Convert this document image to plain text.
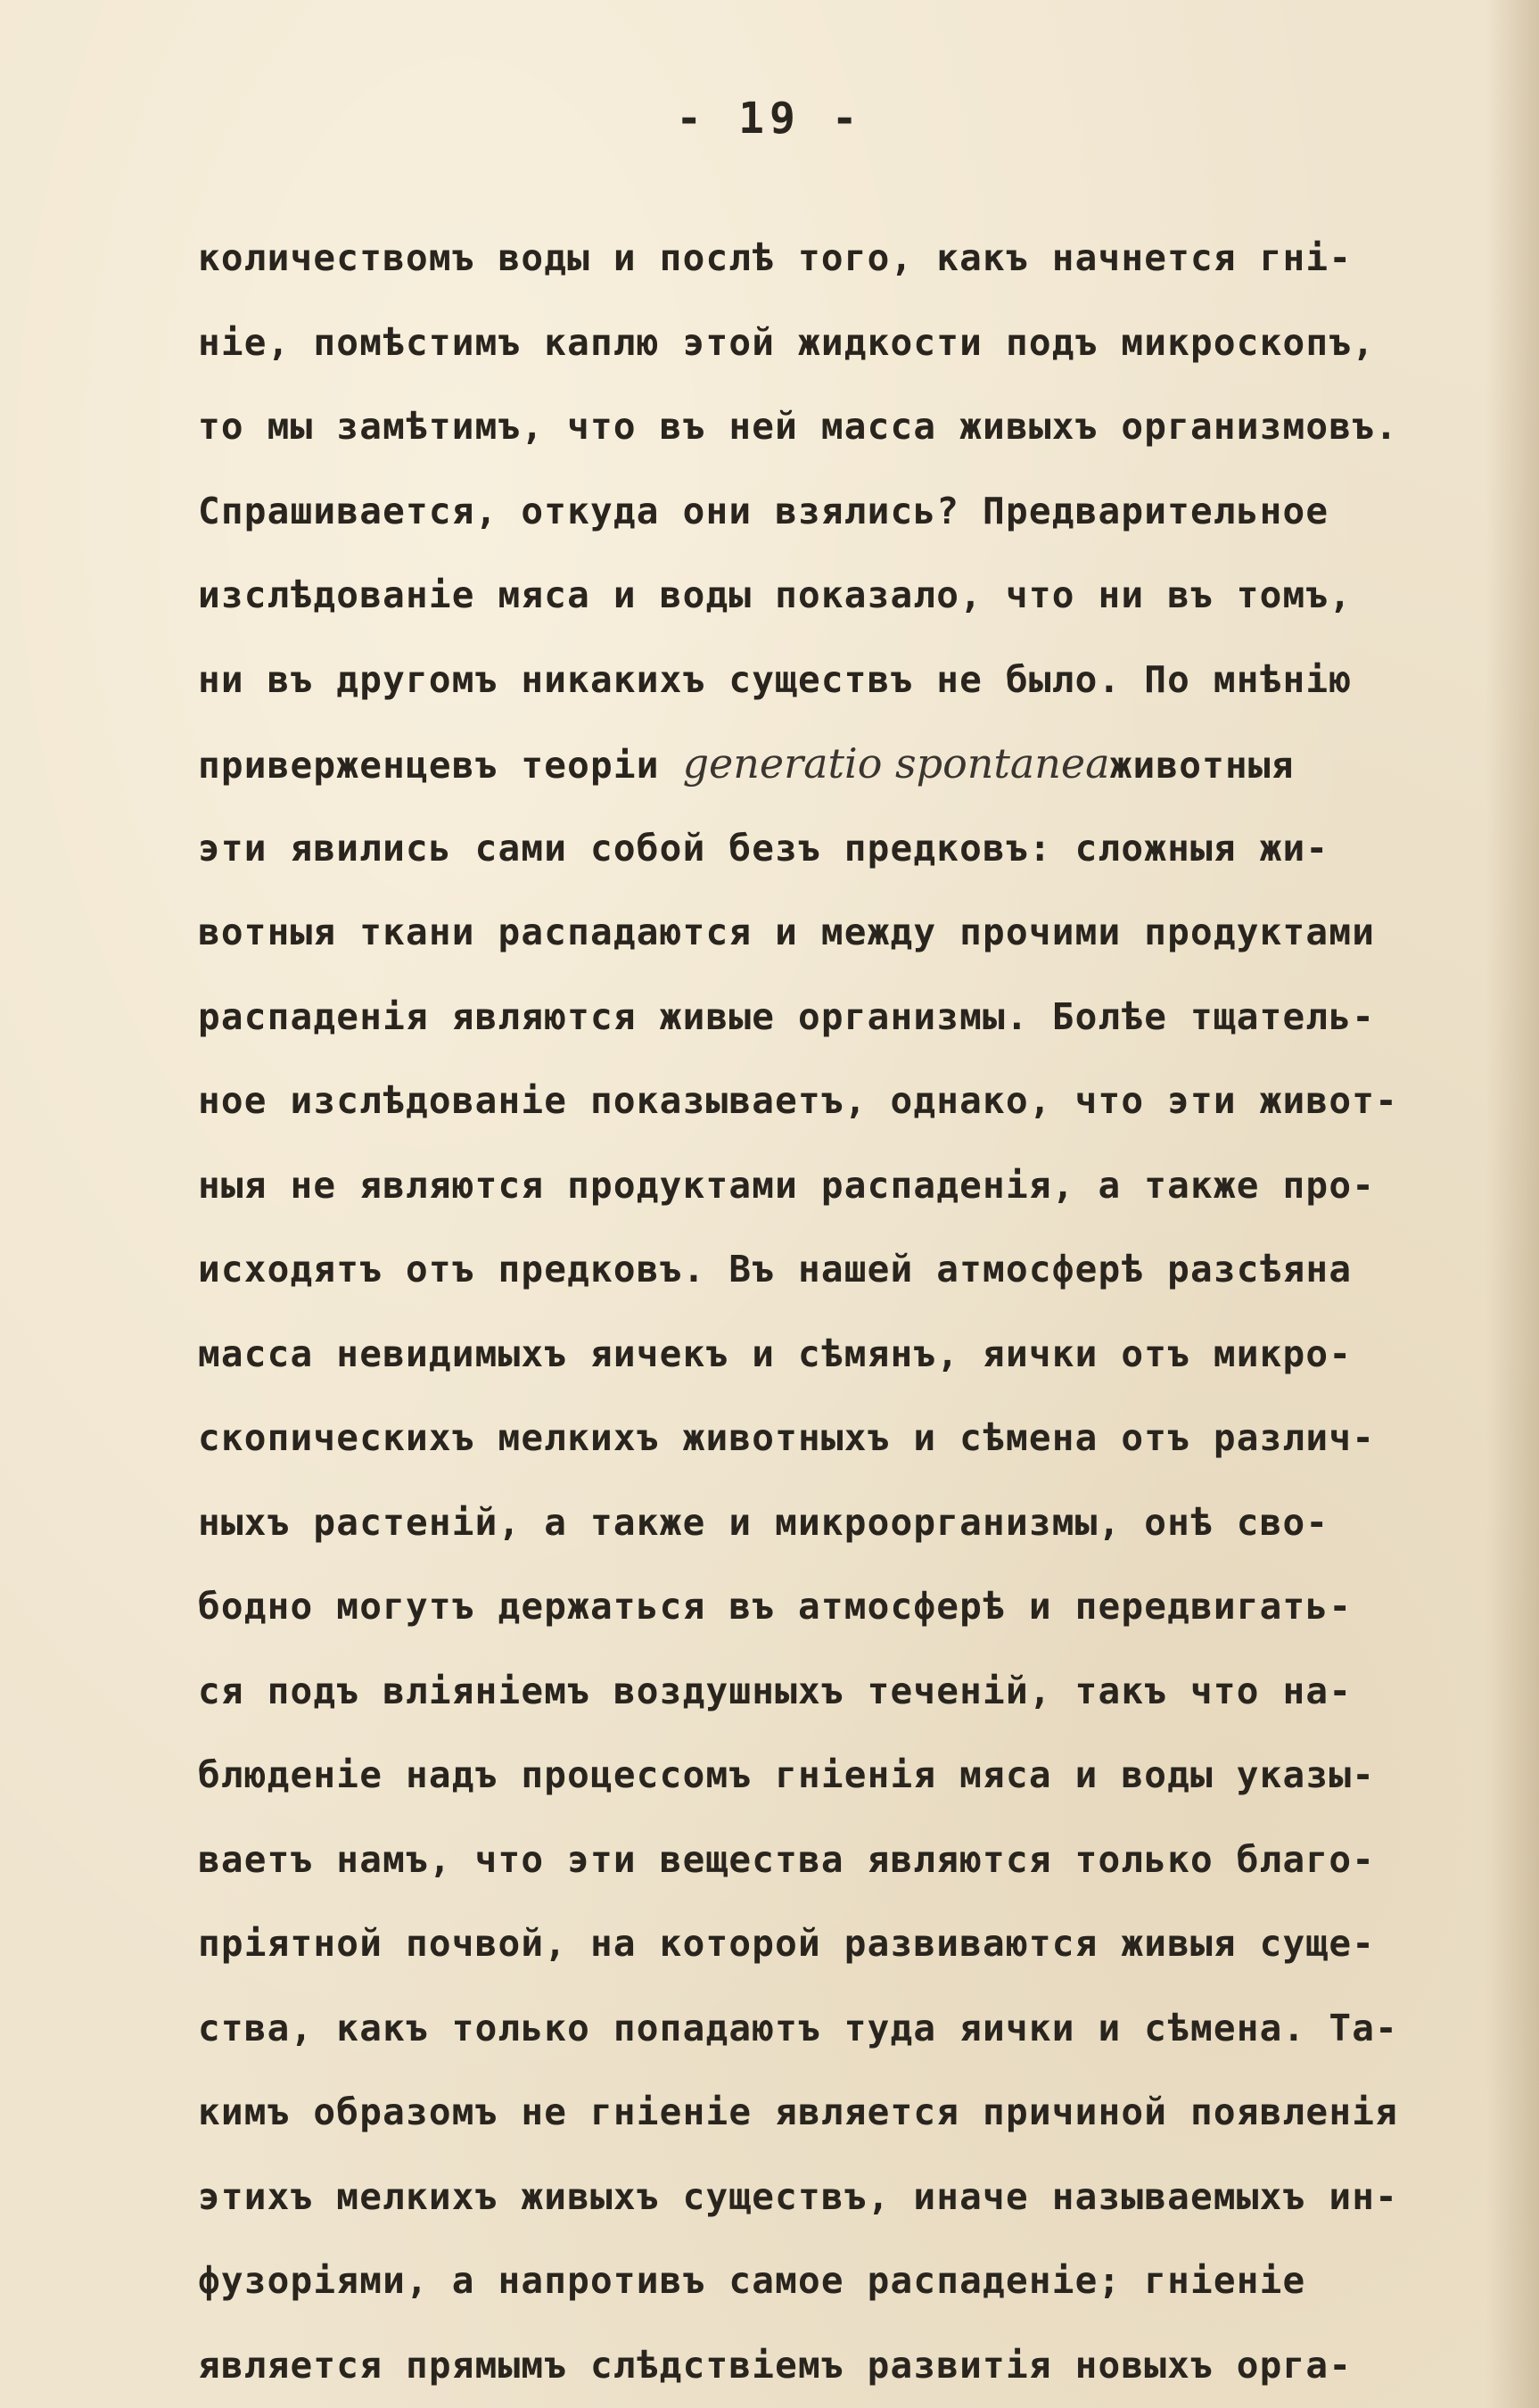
- 19 -
количествомъ воды и послѣ того, какъ начнется гні-
ніе, помѣстимъ каплю этой жидкости подъ микроскопъ,
то мы замѣтимъ, что въ ней масса живыхъ организмовъ.
Спрашивается, откуда они взялись? Предварительное
изслѣдованіе мяса и воды показало, что ни въ томъ,
ни въ другомъ никакихъ существъ не было. По мнѣнію
приверженцевъ теоріи generatio spontaneaживотныя
эти явились сами собой безъ предковъ: сложныя жи-
вотныя ткани распадаются и между прочими продуктами
распаденія являются живые организмы. Болѣе тщатель-
ное изслѣдованіе показываетъ, однако, что эти живот-
ныя не являются продуктами распаденія, а также про-
исходятъ отъ предковъ. Въ нашей атмосферѣ разсѣяна
масса невидимыхъ яичекъ и сѣмянъ, яички отъ микро-
скопическихъ мелкихъ животныхъ и сѣмена отъ различ-
ныхъ растеній, а также и микроорганизмы, онѣ сво-
бодно могутъ держаться въ атмосферѣ и передвигать-
ся подъ вліяніемъ воздушныхъ теченій, такъ что на-
блюденіе надъ процессомъ гніенія мяса и воды указы-
ваетъ намъ, что эти вещества являются только благо-
пріятной почвой, на которой развиваются живыя суще-
ства, какъ только попадаютъ туда яички и сѣмена. Та-
кимъ образомъ не гніеніе является причиной появленія
этихъ мелкихъ живыхъ существъ, иначе называемыхъ ин-
фузоріями, а напротивъ самое распаденіе; гніеніе
является прямымъ слѣдствіемъ развитія новыхъ орга-
